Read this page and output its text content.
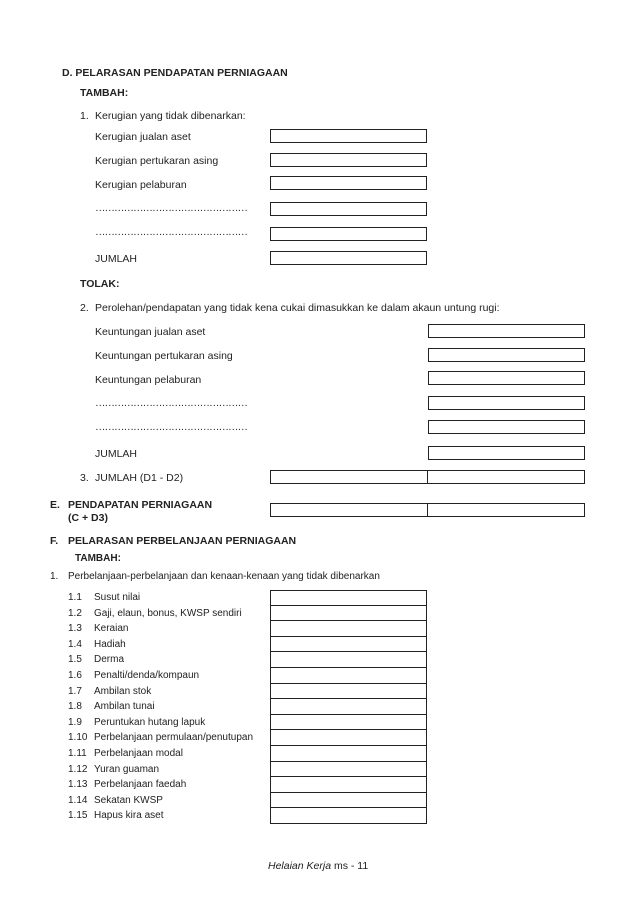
D. PELARASAN PENDAPATAN PERNIAGAAN
TAMBAH:
1. Kerugian yang tidak dibenarkan:
Kerugian jualan aset
Kerugian pertukaran asing
Kerugian pelaburan
…………………………………………
…………………………………………
JUMLAH
TOLAK:
2. Perolehan/pendapatan yang tidak kena cukai dimasukkan ke dalam akaun untung rugi:
Keuntungan jualan aset
Keuntungan pertukaran asing
Keuntungan pelaburan
…………………………………………
…………………………………………
JUMLAH
3. JUMLAH (D1 - D2)
E. PENDAPATAN PERNIAGAAN
(C + D3)
F. PELARASAN PERBELANJAAN PERNIAGAAN
TAMBAH:
1. Perbelanjaan-perbelanjaan dan kenaan-kenaan yang tidak dibenarkan
1.1 Susut nilai
1.2 Gaji, elaun, bonus, KWSP sendiri
1.3 Keraian
1.4 Hadiah
1.5 Derma
1.6 Penalti/denda/kompaun
1.7 Ambilan stok
1.8 Ambilan tunai
1.9 Peruntukan hutang lapuk
1.10 Perbelanjaan permulaan/penutupan
1.11 Perbelanjaan modal
1.12 Yuran guaman
1.13 Perbelanjaan faedah
1.14 Sekatan KWSP
1.15 Hapus kira aset
Helaian Kerja ms - 11
